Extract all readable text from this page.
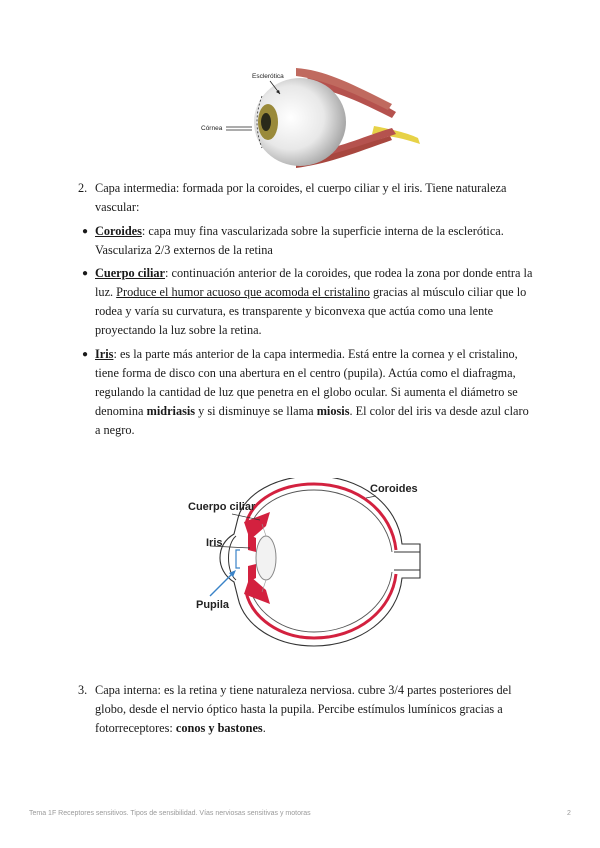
Esclerótica
Córnea
2. Capa intermedia: formada por la coroides, el cuerpo ciliar y el iris. Tiene naturaleza
vascular:
● Coroides: capa muy fina vascularizada sobre la superficie interna de la esclerótica.
Vasculariza 2/3 externos de la retina
● Cuerpo ciliar: continuación anterior de la coroides, que rodea la zona por donde entra la
luz. Produce el humor acuoso que acomoda el cristalino gracias al músculo ciliar que lo
rodea y varía su curvatura, es transparente y biconvexa que actúa como una lente
proyectando la luz sobre la retina.
● Iris: es la parte más anterior de la capa intermedia. Está entre la cornea y el cristalino,
tiene forma de disco con una abertura en el centro (pupila). Actúa como el diafragma,
regulando la cantidad de luz que penetra en el globo ocular. Si aumenta el diámetro se
denomina midriasis y si disminuye se llama miosis. El color del iris va desde azul claro
a negro.
Cuerpo ciliar
Coroides
Iris
Pupila
3. Capa interna: es la retina y tiene naturaleza nerviosa. cubre 3/4 partes posteriores del
globo, desde el nervio óptico hasta la pupila. Percibe estímulos lumínicos gracias a
fotorreceptores: conos y bastones.
Tema 1F Receptores sensitivos. Tipos de sensibilidad. Vías nerviosas sensitivas y motoras	2
